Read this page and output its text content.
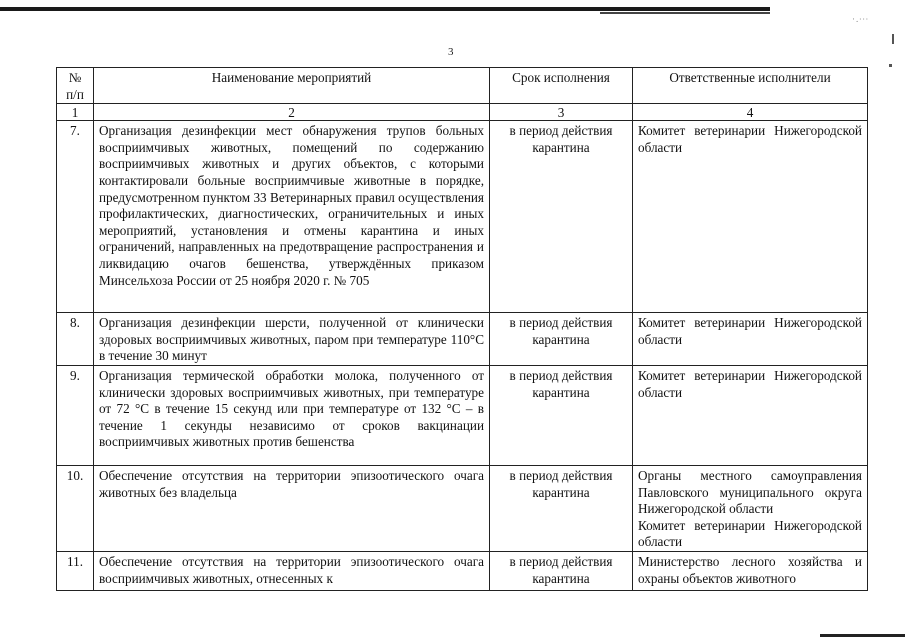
·.∙∙∙
3
№ п/п	Наименование мероприятий	Срок исполнения	Ответственные исполнители
1	2	3	4
7.	Организация дезинфекции мест обнаружения трупов больных восприимчивых животных, помещений по содержанию восприимчивых животных и других объектов, с которыми контактировали больные восприимчивые животные в порядке, предусмотренном пунктом 33 Ветеринарных правил осуществления профилактических, диагностических, ограничительных и иных мероприятий, установления и отмены карантина и иных ограничений, направленных на предотвращение распространения и ликвидацию очагов бешенства, утверждённых приказом Минсельхоза России от 25 ноября 2020 г. № 705	в период действия карантина	Комитет ветеринарии Нижегородской области
8.	Организация дезинфекции шерсти, полученной от клинически здоровых восприимчивых животных, паром при температуре 110°С в течение 30 минут	в период действия карантина	Комитет ветеринарии Нижегородской области
9.	Организация термической обработки молока, полученного от клинически здоровых восприимчивых животных, при температуре от 72 °С в течение 15 секунд или при температуре от 132 °С – в течение 1 секунды независимо от сроков вакцинации восприимчивых животных против бешенства	в период действия карантина	Комитет ветеринарии Нижегородской области
10.	Обеспечение отсутствия на территории эпизоотического очага животных без владельца	в период действия карантина	Органы местного самоуправления Павловского муниципального округа Нижегородской области
Комитет ветеринарии Нижегородской области

11.	Обеспечение отсутствия на территории эпизоотического очага восприимчивых животных, отнесенных к	в период действия карантина	Министерство лесного хозяйства и охраны объектов животного
